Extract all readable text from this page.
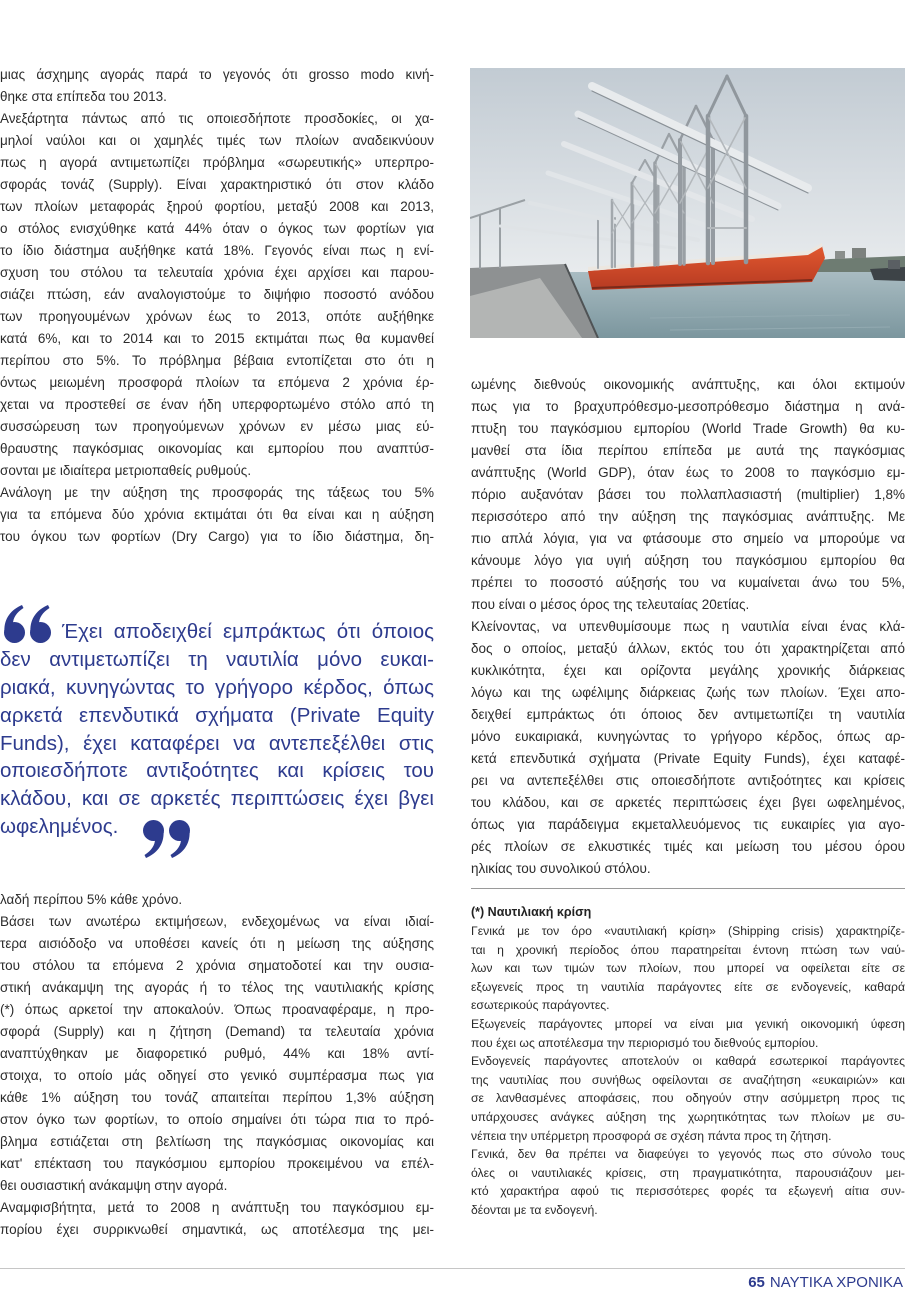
μιας άσχημης αγοράς παρά το γεγονός ότι grosso modo κινή-
θηκε στα επίπεδα του 2013.
Ανεξάρτητα πάντως από τις οποιεσδήποτε προσδοκίες, οι χα-
μηλοί ναύλοι και οι χαμηλές τιμές των πλοίων αναδεικνύουν
πως η αγορά αντιμετωπίζει πρόβλημα «σωρευτικής» υπερπρο-
σφοράς τονάζ (Supply). Είναι χαρακτηριστικό ότι στον κλάδο
των πλοίων μεταφοράς ξηρού φορτίου, μεταξύ 2008 και 2013,
ο στόλος ενισχύθηκε κατά 44% όταν ο όγκος των φορτίων για
το ίδιο διάστημα αυξήθηκε κατά 18%. Γεγονός είναι πως η ενί-
σχυση του στόλου τα τελευταία χρόνια έχει αρχίσει και παρου-
σιάζει πτώση, εάν αναλογιστούμε το διψήφιο ποσοστό ανόδου
των προηγουμένων χρόνων έως το 2013, οπότε αυξήθηκε
κατά 6%, και το 2014 και το 2015 εκτιμάται πως θα κυμανθεί
περίπου στο 5%. Το πρόβλημα βέβαια εντοπίζεται στο ότι η
όντως μειωμένη προσφορά πλοίων τα επόμενα 2 χρόνια έρ-
χεται να προστεθεί σε έναν ήδη υπερφορτωμένο στόλο από τη
συσσώρευση των προηγούμενων χρόνων εν μέσω μιας εύ-
θραυστης παγκόσμιας οικονομίας και εμπορίου που αναπτύσ-
σονται με ιδιαίτερα μετριοπαθείς ρυθμούς.
Ανάλογη με την αύξηση της προσφοράς της τάξεως του 5%
για τα επόμενα δύο χρόνια εκτιμάται ότι θα είναι και η αύξηση
του όγκου των φορτίων (Dry Cargo) για το ίδιο διάστημα, δη-
Έχει αποδειχθεί εμπράκτως ότι όποιος
δεν αντιμετωπίζει τη ναυτιλία μόνο ευκαι-
ριακά, κυνηγώντας το γρήγορο κέρδος, όπως
αρκετά επενδυτικά σχήματα (Private Equity
Funds), έχει καταφέρει να αντεπεξέλθει στις
οποιεσδήποτε αντιξοότητες και κρίσεις του
κλάδου, και σε αρκετές περιπτώσεις έχει βγει
ωφελημένος.
λαδή περίπου 5% κάθε χρόνο.
Βάσει των ανωτέρω εκτιμήσεων, ενδεχομένως να είναι ιδιαί-
τερα αισιόδοξο να υποθέσει κανείς ότι η μείωση της αύξησης
του στόλου τα επόμενα 2 χρόνια σηματοδοτεί και την ουσια-
στική ανάκαμψη της αγοράς ή το τέλος της ναυτιλιακής κρίσης
(*) όπως αρκετοί την αποκαλούν. Όπως προαναφέραμε, η προ-
σφορά (Supply) και η ζήτηση (Demand) τα τελευταία χρόνια
αναπτύχθηκαν με διαφορετικό ρυθμό, 44% και 18% αντί-
στοιχα, το οποίο μάς οδηγεί στο γενικό συμπέρασμα πως για
κάθε 1% αύξηση του τονάζ απαιτείται περίπου 1,3% αύξηση
στον όγκο των φορτίων, το οποίο σημαίνει ότι τώρα πια το πρό-
βλημα εστιάζεται στη βελτίωση της παγκόσμιας οικονομίας και
κατ' επέκταση του παγκόσμιου εμπορίου προκειμένου να επέλ-
θει ουσιαστική ανάκαμψη στην αγορά.
Αναμφισβήτητα, μετά το 2008 η ανάπτυξη του παγκόσμιου εμ-
πορίου έχει συρρικνωθεί σημαντικά, ως αποτέλεσμα της μει-
ωμένης διεθνούς οικονομικής ανάπτυξης, και όλοι εκτιμούν
πως για το βραχυπρόθεσμο-μεσοπρόθεσμο διάστημα η ανά-
πτυξη του παγκόσμιου εμπορίου (World Trade Growth) θα κυ-
μανθεί στα ίδια περίπου επίπεδα με αυτά της παγκόσμιας
ανάπτυξης (World GDP), όταν έως το 2008 το παγκόσμιο εμ-
πόριο αυξανόταν βάσει του πολλαπλασιαστή (multiplier) 1,8%
περισσότερο από την αύξηση της παγκόσμιας ανάπτυξης. Με
πιο απλά λόγια, για να φτάσουμε στο σημείο να μπορούμε να
κάνουμε λόγο για υγιή αύξηση του παγκόσμιου εμπορίου θα
πρέπει το ποσοστό αύξησής του να κυμαίνεται άνω του 5%,
που είναι ο μέσος όρος της τελευταίας 20ετίας.
Κλείνοντας, να υπενθυμίσουμε πως η ναυτιλία είναι ένας κλά-
δος ο οποίος, μεταξύ άλλων, εκτός του ότι χαρακτηρίζεται από
κυκλικότητα, έχει και ορίζοντα μεγάλης χρονικής διάρκειας
λόγω και της ωφέλιμης διάρκειας ζωής των πλοίων. Έχει απο-
δειχθεί εμπράκτως ότι όποιος δεν αντιμετωπίζει τη ναυτιλία
μόνο ευκαιριακά, κυνηγώντας το γρήγορο κέρδος, όπως αρ-
κετά επενδυτικά σχήματα (Private Equity Funds), έχει καταφέ-
ρει να αντεπεξέλθει στις οποιεσδήποτε αντιξοότητες και κρίσεις
του κλάδου, και σε αρκετές περιπτώσεις έχει βγει ωφελημένος,
όπως για παράδειγμα εκμεταλλευόμενος τις ευκαιρίες για αγο-
ρές πλοίων σε ελκυστικές τιμές και μείωση του μέσου όρου
ηλικίας του συνολικού στόλου.
(*) Ναυτιλιακή κρίση
Γενικά με τον όρο «ναυτιλιακή κρίση» (Shipping crisis) χαρακτηρίζε-
ται η χρονική περίοδος όπου παρατηρείται έντονη πτώση των ναύ-
λων και των τιμών των πλοίων, που μπορεί να οφείλεται είτε σε
εξωγενείς προς τη ναυτιλία παράγοντες είτε σε ενδογενείς, καθαρά
εσωτερικούς παράγοντες.
Εξωγενείς παράγοντες μπορεί να είναι μια γενική οικονομική ύφεση
που έχει ως αποτέλεσμα την περιορισμό του διεθνούς εμπορίου.
Ενδογενείς παράγοντες αποτελούν οι καθαρά εσωτερικοί παράγοντες
της ναυτιλίας που συνήθως οφείλονται σε αναζήτηση «ευκαιριών» και
σε λανθασμένες αποφάσεις, που οδηγούν στην ασύμμετρη προς τις
υπάρχουσες ανάγκες αύξηση της χωρητικότητας των πλοίων με συ-
νέπεια την υπέρμετρη προσφορά σε σχέση πάντα προς τη ζήτηση.
Γενικά, δεν θα πρέπει να διαφεύγει το γεγονός πως στο σύνολο τους
όλες οι ναυτιλιακές κρίσεις, στη πραγματικότητα, παρουσιάζουν μει-
κτό χαρακτήρα αφού τις περισσότερες φορές τα εξωγενή αίτια συν-
δέονται με τα ενδογενή.
65 ΝΑΥΤΙΚΑ ΧΡΟΝΙΚΑ
